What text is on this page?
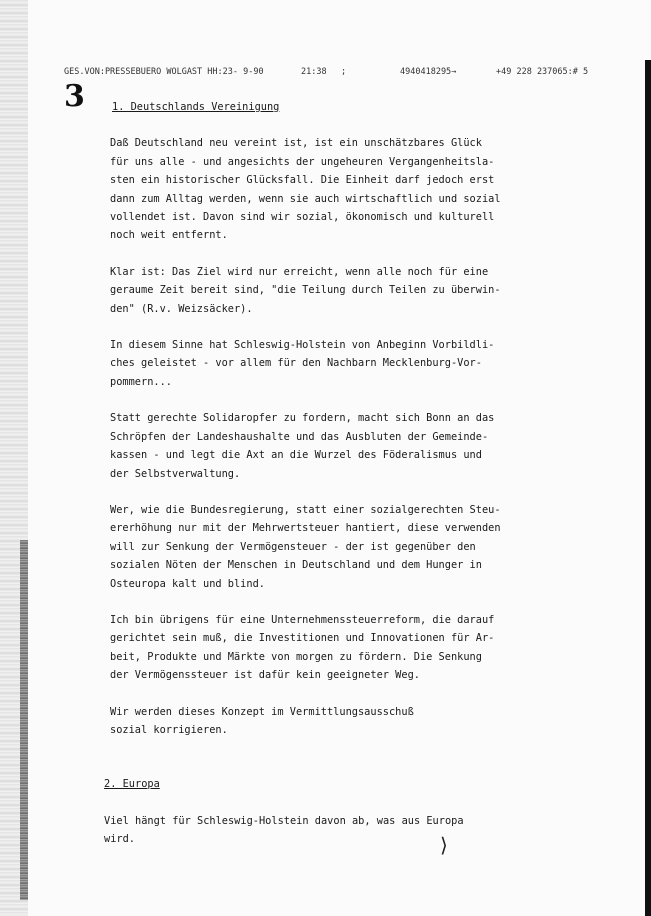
GES.VON:PRESSEBUERO WOLGAST HH:23- 9-90	21:38 ;	4940418295→	+49 228 237065:# 5
3	1. Deutschlands Vereinigung

Daß Deutschland neu vereint ist, ist ein unschätzbares Glück

für uns alle - und angesichts der ungeheuren Vergangenheitsla-

sten ein historischer Glücksfall. Die Einheit darf jedoch erst

dann zum Alltag werden, wenn sie auch wirtschaftlich und sozial

vollendet ist. Davon sind wir sozial, ökonomisch und kulturell

noch weit entfernt.

Klar ist: Das Ziel wird nur erreicht, wenn alle noch für eine

geraume Zeit bereit sind, "die Teilung durch Teilen zu überwin-

den" (R.v. Weizsäcker).

In diesem Sinne hat Schleswig-Holstein von Anbeginn Vorbildli-

ches geleistet - vor allem für den Nachbarn Mecklenburg-Vor-

pommern...

Statt gerechte Solidaropfer zu fordern, macht sich Bonn an das

Schröpfen der Landeshaushalte und das Ausbluten der Gemeinde-

kassen - und legt die Axt an die Wurzel des Föderalismus und

der Selbstverwaltung.

Wer, wie die Bundesregierung, statt einer sozialgerechten Steu-

ererhöhung nur mit der Mehrwertsteuer hantiert, diese verwenden

will zur Senkung der Vermögensteuer - der ist gegenüber den

sozialen Nöten der Menschen in Deutschland und dem Hunger in

Osteuropa kalt und blind.

Ich bin übrigens für eine Unternehmenssteuerreform, die darauf

gerichtet sein muß, die Investitionen und Innovationen für Ar-

beit, Produkte und Märkte von morgen zu fördern. Die Senkung

der Vermögenssteuer ist dafür kein geeigneter Weg.

Wir werden dieses Konzept im Vermittlungsausschuß

sozial korrigieren.

2. Europa

Viel hängt für Schleswig-Holstein davon ab, was aus Europa

wird.	⟩
